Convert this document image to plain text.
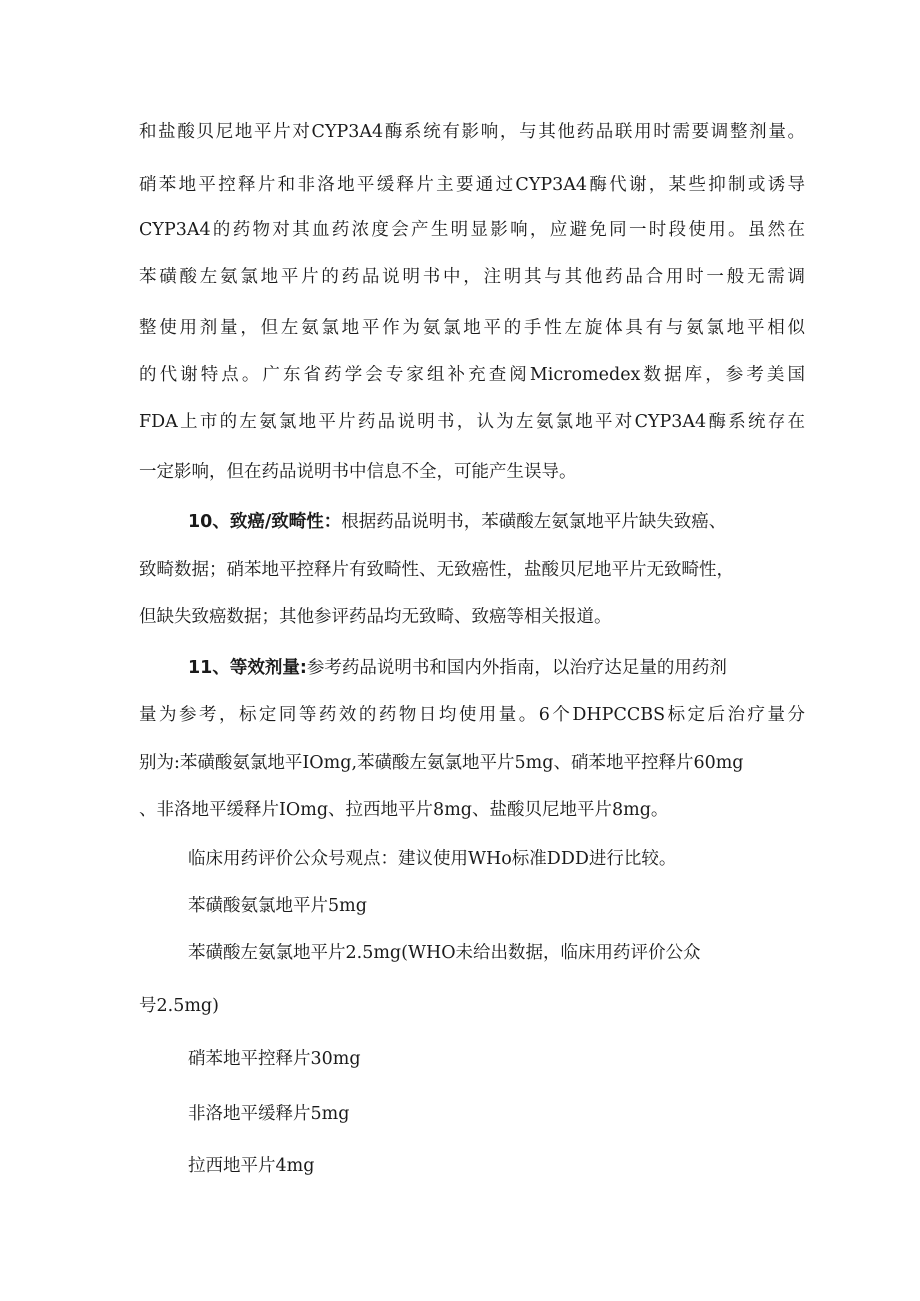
和盐酸贝尼地平片对CYP3A4酶系统有影响，与其他药品联用时需要调整剂量。
硝苯地平控释片和非洛地平缓释片主要通过CYP3A4酶代谢，某些抑制或诱导
CYP3A4的药物对其血药浓度会产生明显影响，应避免同一时段使用。虽然在
苯磺酸左氨氯地平片的药品说明书中，注明其与其他药品合用时一般无需调
整使用剂量，但左氨氯地平作为氨氯地平的手性左旋体具有与氨氯地平相似
的代谢特点。广东省药学会专家组补充查阅Micromedex数据库，参考美国
FDA上市的左氨氯地平片药品说明书，认为左氨氯地平对CYP3A4酶系统存在
一定影响，但在药品说明书中信息不全，可能产生误导。
10、致癌/致畸性：根据药品说明书，苯磺酸左氨氯地平片缺失致癌、
致畸数据；硝苯地平控释片有致畸性、无致癌性，盐酸贝尼地平片无致畸性，
但缺失致癌数据；其他参评药品均无致畸、致癌等相关报道。
11、等效剂量:参考药品说明书和国内外指南，以治疗达足量的用药剂
量为参考，标定同等药效的药物日均使用量。6个DHPCCBS标定后治疗量分
别为:苯磺酸氨氯地平IOmg,苯磺酸左氨氯地平片5mg、硝苯地平控释片60mg
、非洛地平缓释片IOmg、拉西地平片8mg、盐酸贝尼地平片8mg。
临床用药评价公众号观点：建议使用WHo标准DDD进行比较。
苯磺酸氨氯地平片5mg
苯磺酸左氨氯地平片2.5mg(WHO未给出数据，临床用药评价公众
号2.5mg)
硝苯地平控释片30mg
非洛地平缓释片5mg
拉西地平片4mg
